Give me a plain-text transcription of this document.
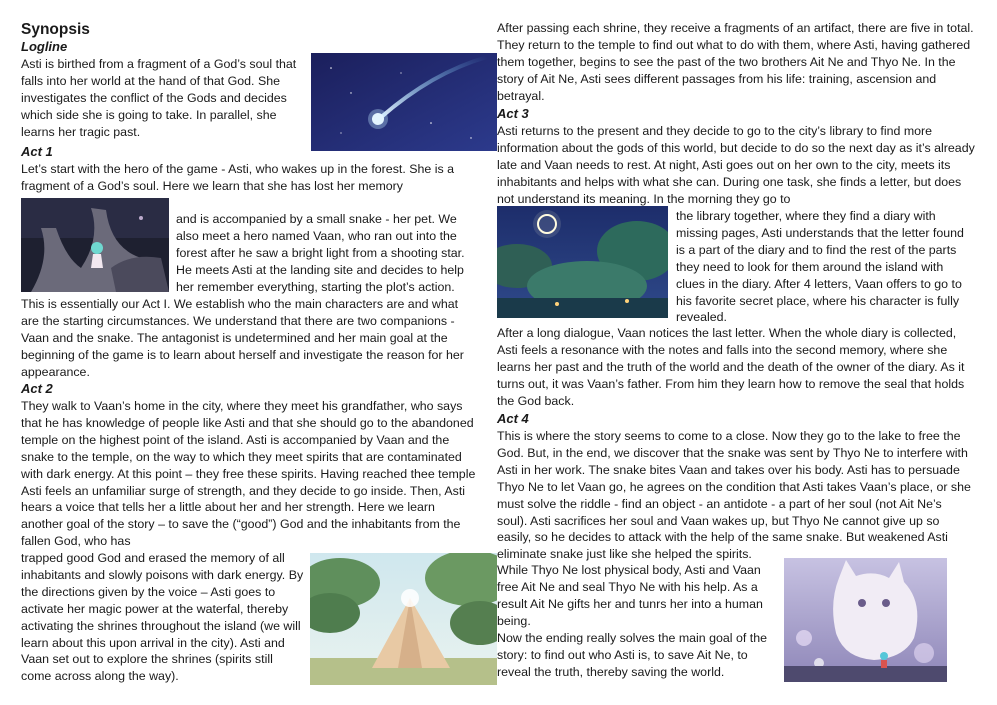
Synopsis
Logline

Asti is birthed from a fragment of a God’s soul that falls into her world at the hand of that God. She investigates the conflict of the Gods and decides which side she is going to take. In parallel, she learns her tragic past.

Act 1

Let’s start with the hero of the game - Asti, who wakes up in the forest. She is a fragment of a God’s soul. Here we learn that she has lost her memory

and is accompanied by a small snake - her pet. We also meet a hero named Vaan, who ran out into the forest after he saw a bright light from a shooting star. He meets Asti at the landing site and decides to help her remember everything, starting the plot’s action.

This is essentially our Act I. We establish who the main characters are and what are the starting circumstances. We understand that there are two companions - Vaan and the snake. The antagonist is undetermined and her main goal at the beginning of the game is to learn about herself and investigate the reason for her appearance.

Act 2

They walk to Vaan’s home in the city, where they meet his grandfather, who says that he has knowledge of people like Asti and that she should go to the abandoned temple on the highest point of the island. Asti is accompanied by Vaan and the snake to the temple, on the way to which they meet spirits that are contaminated with dark energy. At this point – they free these spirits. Having reached thee temple Asti feels an unfamiliar surge of strength, and they decide to go inside. Then, Asti hears a voice that tells her a little about her and her strength. Here we learn another goal of the story – to save the (“good”) God and the inhabitants from the fallen God, who has

trapped good God and erased the memory of all inhabitants and slowly poisons with dark energy. By the directions given by the voice – Asti goes to activate her magic power at the waterfal, thereby activating the shrines throughout the island (we will learn about this upon arrival in the city). Asti and Vaan set out to explore the shrines (spirits still come across along the way).

After passing each shrine, they receive a fragments of an artifact, there are five in total. They return to the temple to find out what to do with them, where Asti, having gathered them together, begins to see the past of the two brothers Ait Ne and Thyo Ne. In the story of Ait Ne, Asti sees different passages from his life: training, ascension and betrayal.

Act 3

Asti returns to the present and they decide to go to the city’s library to find more information about the gods of this world, but decide to do so the next day as it’s already late and Vaan needs to rest. At night, Asti goes out on her own to the city, meets its inhabitants and helps with what she can. During one task, she finds a letter, but does not understand its meaning. In the morning they go to

the library together, where they find a diary with missing pages, Asti understands that the letter found is a part of the diary and to find the rest of the parts they need to look for them around the island with clues in the diary. After 4 letters, Vaan offers to go to his favorite secret place, where his character is fully revealed.

After a long dialogue, Vaan notices the last letter. When the whole diary is collected, Asti feels a resonance with the notes and falls into the second memory, where she learns her past and the truth of the world and the death of the owner of the diary. As it turns out, it was Vaan’s father. From him they learn how to remove the seal that holds the God back.

Act 4

This is where the story seems to come to a close. Now they go to the lake to free the God. But, in the end, we discover that the snake was sent by Thyo Ne to interfere with Asti in her work. The snake bites Vaan and takes over his body. Asti has to persuade Thyo Ne to let Vaan go, he agrees on the condition that Asti takes Vaan’s place, or she must solve the riddle - find an object - an antidote - a part of her soul (not Ait Ne’s soul). Asti sacrifices her soul and Vaan wakes up, but Thyo Ne cannot give up so easily, so he decides to attack with the help of the same snake. But weakened Asti eliminate snake just like she helped the spirits.

While Thyo Ne lost physical body, Asti and Vaan free Ait Ne and seal Thyo Ne with his help. As a result Ait Ne gifts her and tunrs her into a human being.

Now the ending really solves the main goal of the story: to find out who Asti is, to save Ait Ne, to reveal the truth, thereby saving the world.
